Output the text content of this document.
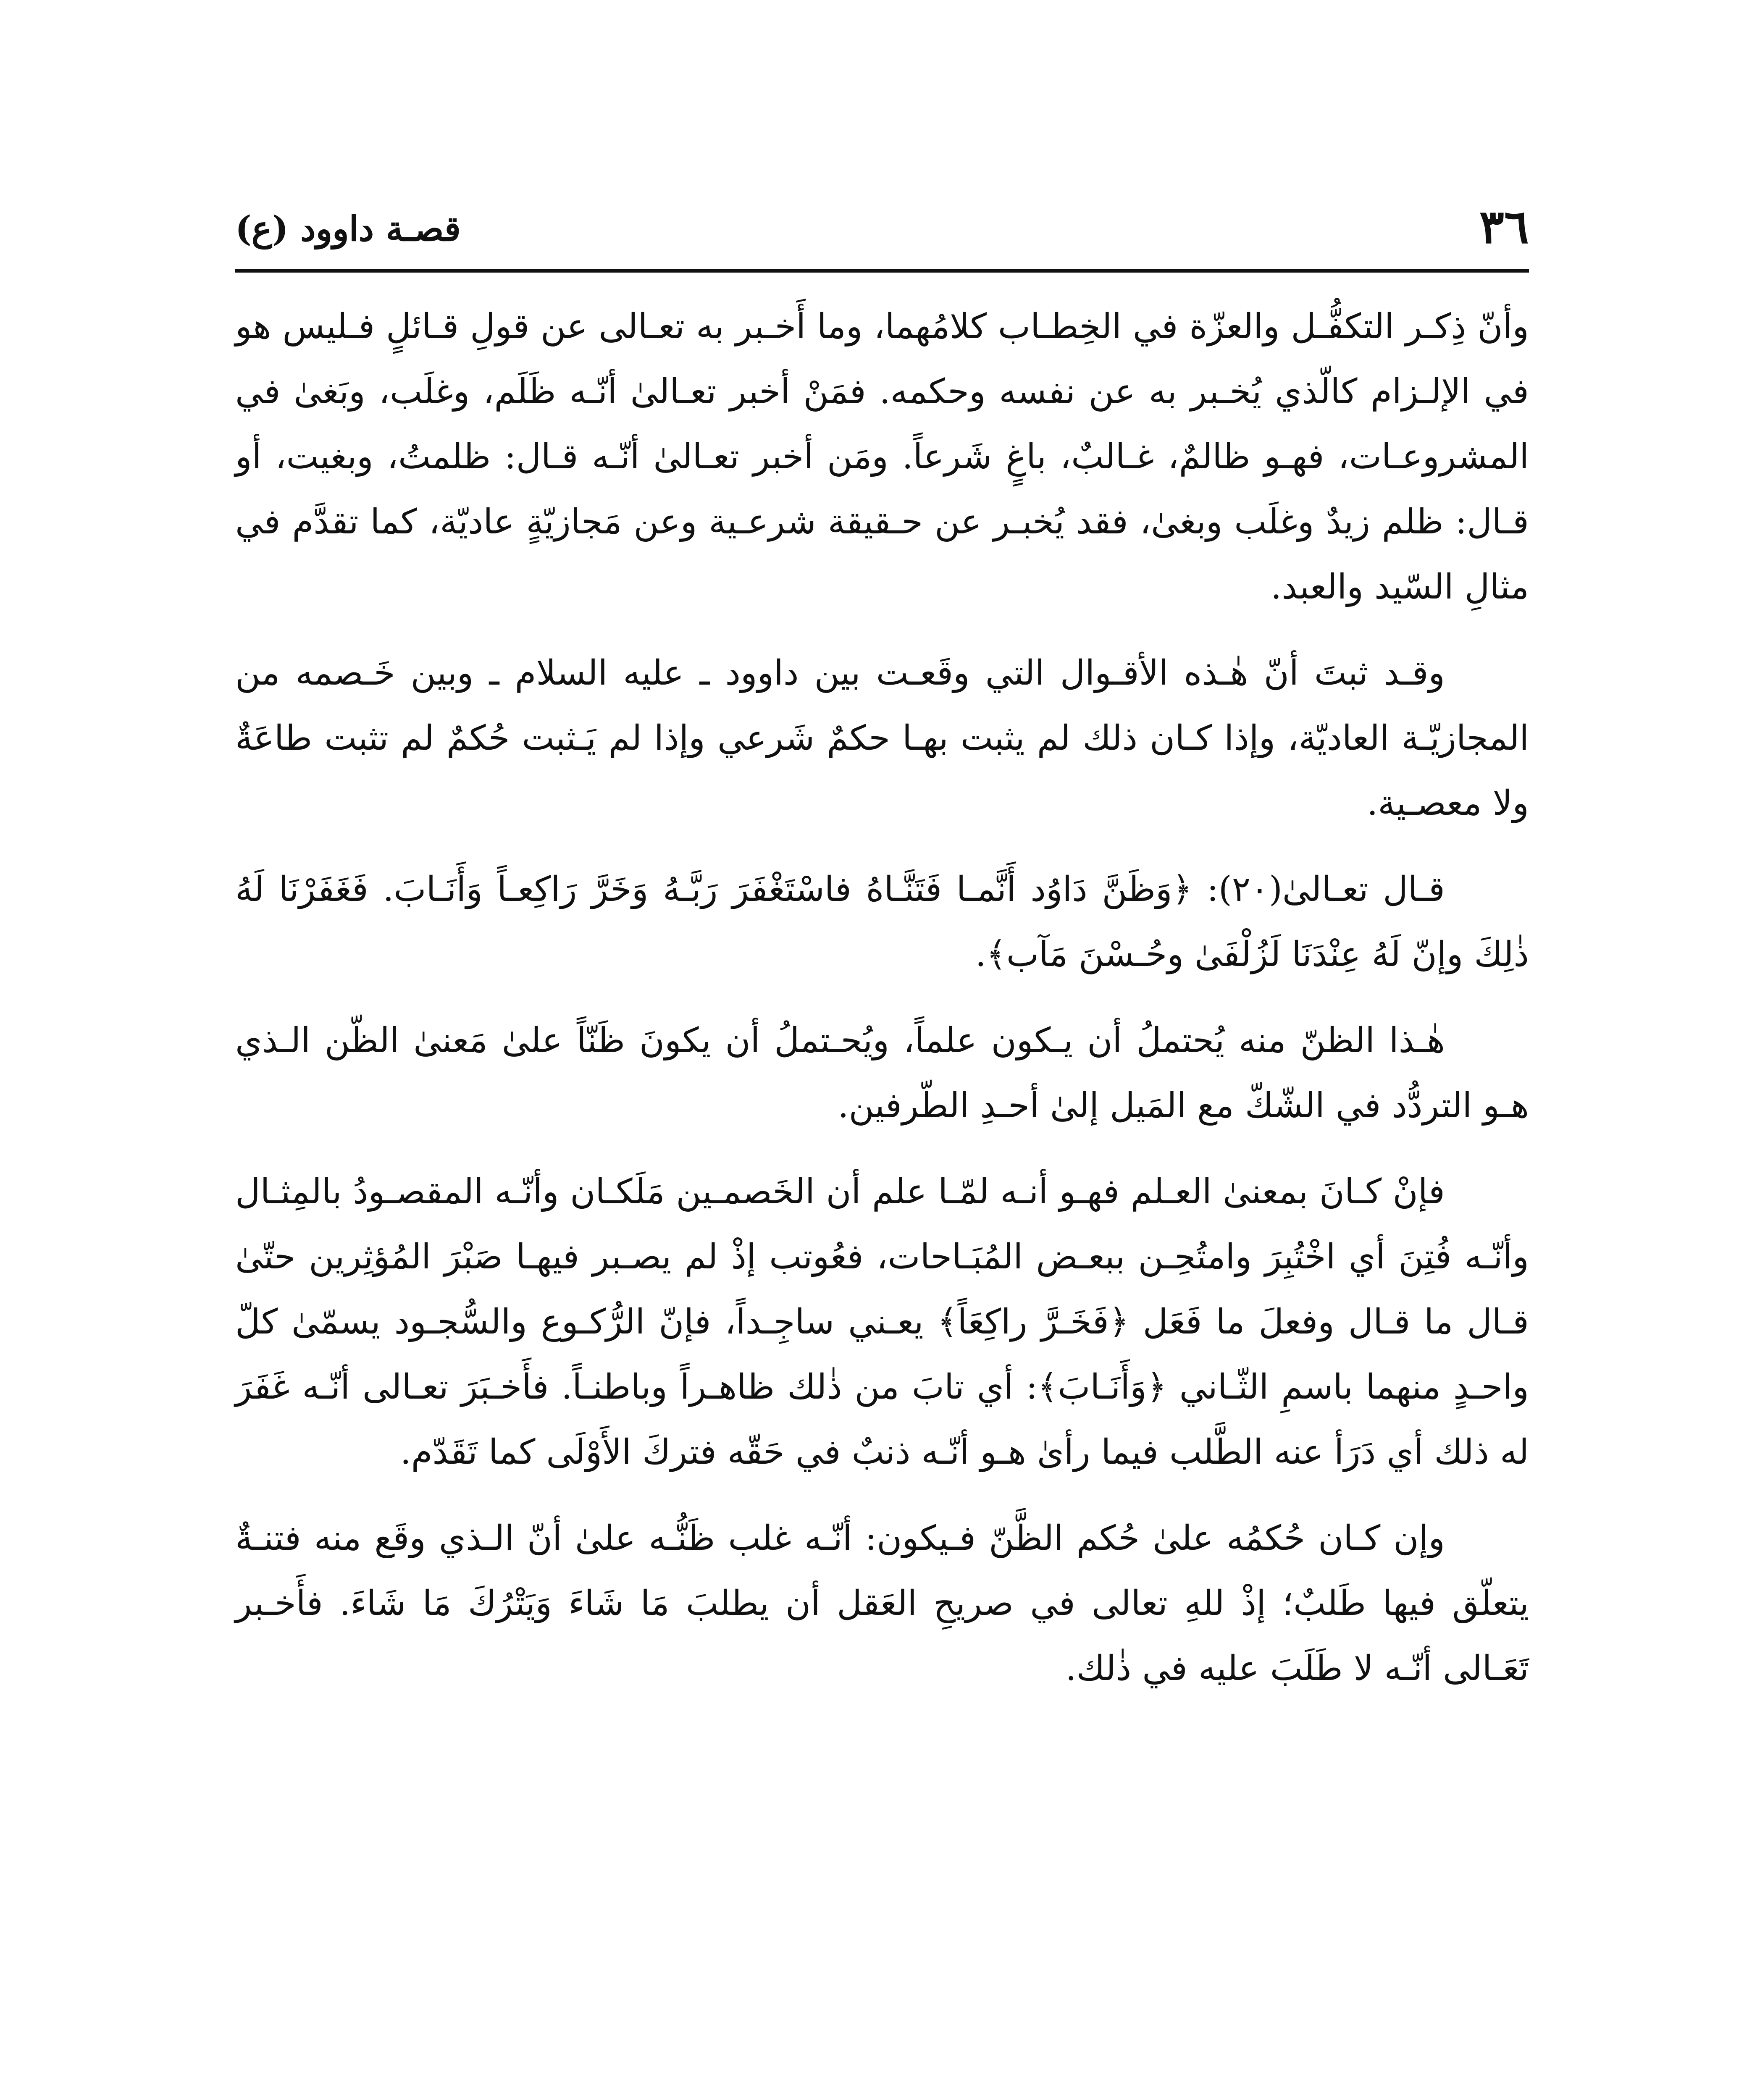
٣٦
قصـة داوود (ع)

وأنّ ذِكـر التكفُّـل والعزّة في الخِطـاب كلامُهما، وما أَخـبر به تعـالى عن قولِ قـائلٍ فـليس هو في الإلـزام كالّذي يُخـبر به عن نفسه وحكمه. فمَنْ أخبر تعـالىٰ أنّـه ظَلَم، وغلَب، وبَغىٰ في المشروعـات، فهـو ظالمٌ، غـالبٌ، باغٍ شَرعاً. ومَن أخبر تعـالىٰ أنّـه قـال: ظلمتُ، وبغيت، أو قـال: ظلم زيدٌ وغلَب وبغىٰ، فقد يُخبـر عن حـقيقة شرعـية وعن مَجازيّةٍ عاديّة، كما تقدَّم في مثالِ السّيد والعبد.

وقـد ثبتَ أنّ هٰـذه الأقـوال التي وقَعـت بين داوود ـ عليه السلام ـ وبين خَـصمه من المجازيّـة العاديّة، وإذا كـان ذلك لم يثبت بهـا حكمٌ شَرعي وإذا لم يَـثبت حُكمٌ لم تثبت طاعَةٌ ولا معصـية.

قـال تعـالىٰ(٢٠): ﴿وَظَنَّ دَاوُد أَنَّمـا فَتَنَّـاهُ فاسْتَغْفَرَ رَبَّـهُ وَخَرَّ رَاكِعـاً وَأَنَـابَ. فَغَفَرْنَا لَهُ ذٰلِكَ وإنّ لَهُ عِنْدَنَا لَزُلْفَىٰ وحُـسْنَ مَآب﴾.

هٰـذا الظنّ منه يُحتملُ أن يـكون علماً، ويُحـتملُ أن يكونَ ظَنّاً علىٰ مَعنىٰ الظّن الـذي هـو التردُّد في الشّكّ مع المَيل إلىٰ أحـدِ الطّرفين.

فإنْ كـانَ بمعنىٰ العـلم فهـو أنـه لمّـا علم أن الخَصمـين مَلَكـان وأنّـه المقصـودُ بالمِثـال وأنّـه فُتِنَ أي اخْتُبِرَ وامتُحِـن ببعـض المُبَـاحات، فعُوتب إذْ لم يصـبر فيهـا صَبْرَ المُؤثِرين حتّىٰ قـال ما قـال وفعلَ ما فَعَل ﴿فَخَـرَّ راكِعَاً﴾ يعـني ساجِـداً، فإنّ الرُّكـوع والسُّجـود يسمّىٰ كلّ واحـدٍ منهما باسمِ الثّـاني ﴿وَأَنَـابَ﴾: أي تابَ من ذٰلك ظاهـراً وباطنـاً. فأَخـبَرَ تعـالى أنّـه غَفَرَ له ذلك أي دَرَأ عنه الطَّلب فيما رأىٰ هـو أنّـه ذنبٌ في حَقّه فتركَ الأَوْلَى كما تَقَدّم.

وإن كـان حُكمُه علىٰ حُكم الظَّنّ فـيكون: أنّـه غلب ظَنُّـه علىٰ أنّ الـذي وقَع منه فتنـةٌ يتعلّق فيها طَلبٌ؛ إذْ للهِ تعالى في صريحِ العَقل أن يطلبَ مَا شَاءَ وَيَتْرُكَ مَا شَاءَ. فأَخـبر تَعَـالى أنّـه لا طَلَبَ عليه في ذٰلك.
